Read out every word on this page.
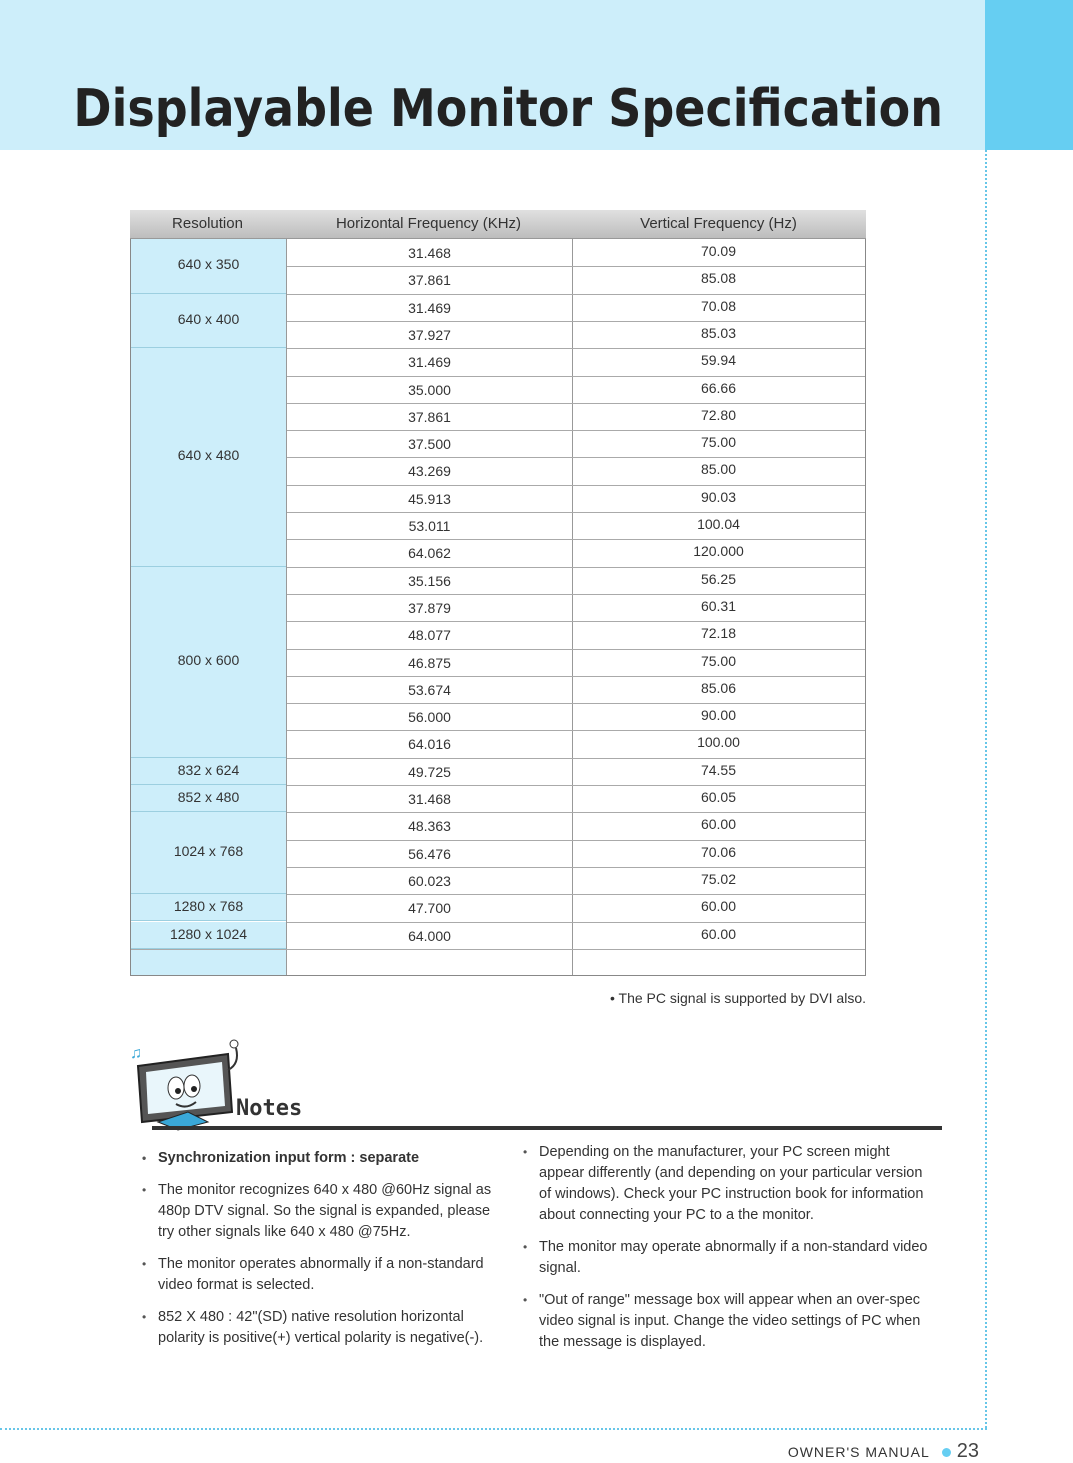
Displayable Monitor Specification
Resolution	Horizontal Frequency (KHz)	Vertical Frequency (Hz)
640 x 350
31.468	70.09
37.861	85.08
640 x 400
31.469	70.08
37.927	85.03
640 x 480
31.469	59.94
35.000	66.66
37.861	72.80
37.500	75.00
43.269	85.00
45.913	90.03
53.011	100.04
64.062	120.000
800 x 600
35.156	56.25
37.879	60.31
48.077	72.18
46.875	75.00
53.674	85.06
56.000	90.00
64.016	100.00
832 x 624	49.725	74.55
852 x 480	31.468	60.05
1024 x 768
48.363	60.00
56.476	70.06
60.023	75.02
1280 x 768	47.700	60.00
1280 x 1024	64.000	60.00
• The PC signal is supported by DVI also.
♫
Notes
• Synchronization input form : separate
• The monitor recognizes 640 x 480 @60Hz signal as 480p DTV signal. So the signal is expanded, please try other signals like 640 x 480 @75Hz.
• The monitor operates abnormally if a non-standard video format is selected.
• 852 X 480 : 42"(SD) native resolution horizontal polarity is positive(+) vertical polarity is negative(-).
• Depending on the manufacturer, your PC screen might appear differently (and depending on your particular version of windows). Check your PC instruction book for information about connecting your PC to a the monitor.
• The monitor may operate abnormally if a non-standard video signal.
• "Out of range" message box will appear when an over-spec video signal is input. Change the video settings of PC when the message is displayed.
OWNER'S MANUAL 23
